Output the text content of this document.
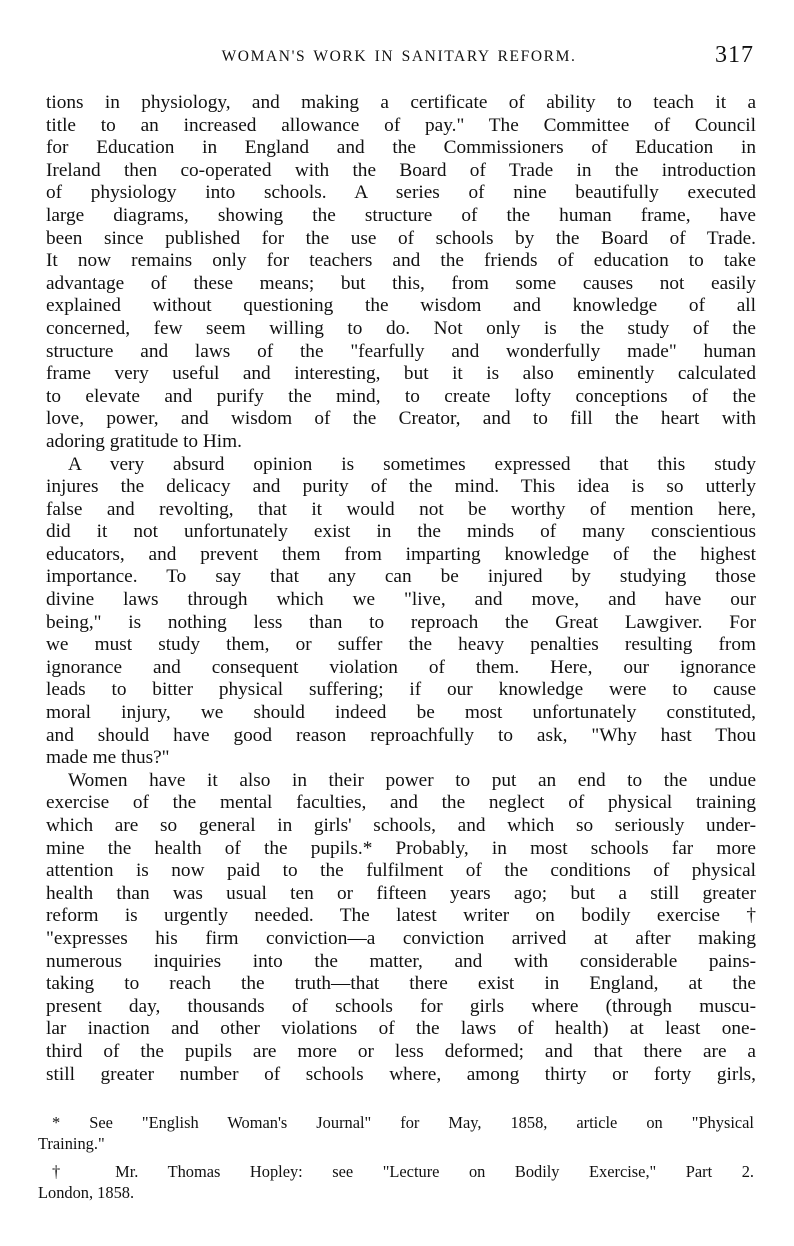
WOMAN'S WORK IN SANITARY REFORM.	317
tions in physiology, and making a certificate of ability to teach it a
title to an increased allowance of pay." The Committee of Council
for Education in England and the Commissioners of Education in
Ireland then co-operated with the Board of Trade in the introduction
of physiology into schools. A series of nine beautifully executed
large diagrams, showing the structure of the human frame, have
been since published for the use of schools by the Board of Trade.
It now remains only for teachers and the friends of education to take
advantage of these means; but this, from some causes not easily
explained without questioning the wisdom and knowledge of all
concerned, few seem willing to do. Not only is the study of the
structure and laws of the "fearfully and wonderfully made" human
frame very useful and interesting, but it is also eminently calculated
to elevate and purify the mind, to create lofty conceptions of the
love, power, and wisdom of the Creator, and to fill the heart with
adoring gratitude to Him.
A very absurd opinion is sometimes expressed that this study
injures the delicacy and purity of the mind. This idea is so utterly
false and revolting, that it would not be worthy of mention here,
did it not unfortunately exist in the minds of many conscientious
educators, and prevent them from imparting knowledge of the highest
importance. To say that any can be injured by studying those
divine laws through which we "live, and move, and have our
being," is nothing less than to reproach the Great Lawgiver. For
we must study them, or suffer the heavy penalties resulting from
ignorance and consequent violation of them. Here, our ignorance
leads to bitter physical suffering; if our knowledge were to cause
moral injury, we should indeed be most unfortunately constituted,
and should have good reason reproachfully to ask, "Why hast Thou
made me thus?"
Women have it also in their power to put an end to the undue
exercise of the mental faculties, and the neglect of physical training
which are so general in girls' schools, and which so seriously under-
mine the health of the pupils.* Probably, in most schools far more
attention is now paid to the fulfilment of the conditions of physical
health than was usual ten or fifteen years ago; but a still greater
reform is urgently needed. The latest writer on bodily exercise †
"expresses his firm conviction—a conviction arrived at after making
numerous inquiries into the matter, and with considerable pains-
taking to reach the truth—that there exist in England, at the
present day, thousands of schools for girls where (through muscu-
lar inaction and other violations of the laws of health) at least one-
third of the pupils are more or less deformed; and that there are a
still greater number of schools where, among thirty or forty girls,
* See "English Woman's Journal" for May, 1858, article on "Physical
Training."
† Mr. Thomas Hopley: see "Lecture on Bodily Exercise," Part 2.
London, 1858.
